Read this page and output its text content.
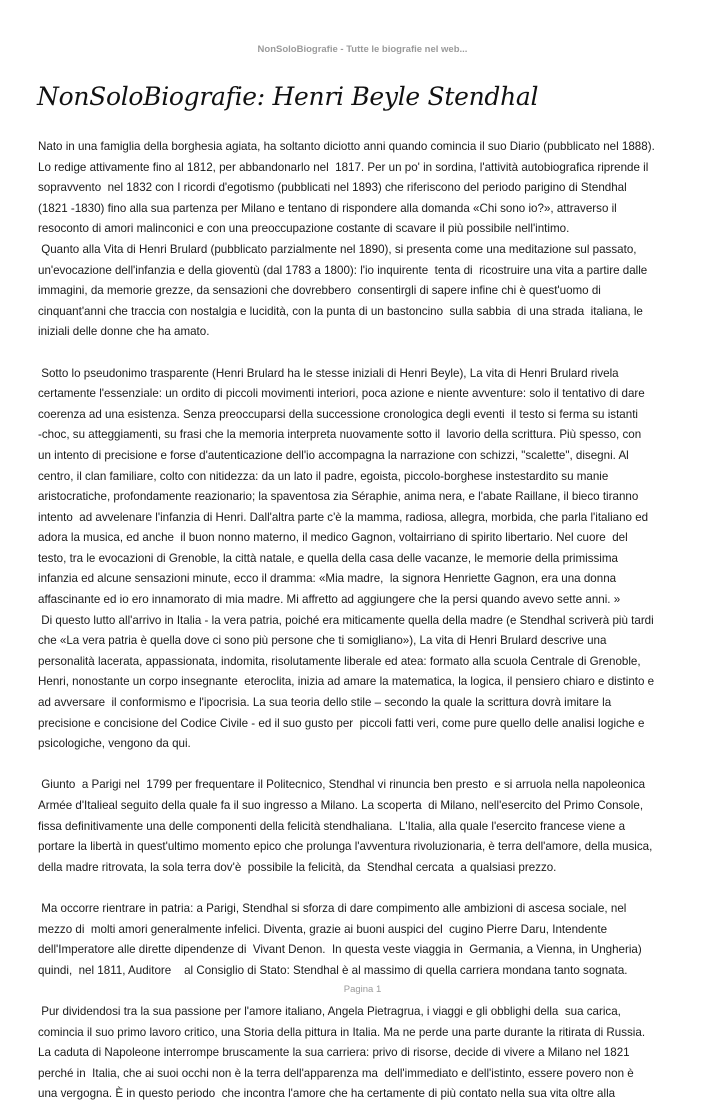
NonSoloBiografie - Tutte le biografie nel web...
NonSoloBiografie: Henri Beyle Stendhal
Nato in una famiglia della borghesia agiata, ha soltanto diciotto anni quando comincia il suo Diario (pubblicato nel 1888).
Lo redige attivamente fino al 1812, per abbandonarlo nel  1817. Per un po' in sordina, l'attività autobiografica riprende il
sopravvento  nel 1832 con I ricordi d'egotismo (pubblicati nel 1893) che riferiscono del periodo parigino di Stendhal
(1821 -1830) fino alla sua partenza per Milano e tentano di rispondere alla domanda «Chi sono io?», attraverso il
resoconto di amori malinconici e con una preoccupazione costante di scavare il più possibile nell'intimo.
Quanto alla Vita di Henri Brulard (pubblicato parzialmente nel 1890), si presenta come una meditazione sul passato,
un'evocazione dell'infanzia e della gioventù (dal 1783 a 1800): l'io inquirente  tenta di  ricostruire una vita a partire dalle
immagini, da memorie grezze, da sensazioni che dovrebbero  consentirgli di sapere infine chi è quest'uomo di
cinquant'anni che traccia con nostalgia e lucidità, con la punta di un bastoncino  sulla sabbia  di una strada  italiana, le
iniziali delle donne che ha amato.
Sotto lo pseudonimo trasparente (Henri Brulard ha le stesse iniziali di Henri Beyle), La vita di Henri Brulard rivela
certamente l'essenziale: un ordito di piccoli movimenti interiori, poca azione e niente avventure: solo il tentativo di dare
coerenza ad una esistenza. Senza preoccuparsi della successione cronologica degli eventi  il testo si ferma su istanti
-choc, su atteggiamenti, su frasi che la memoria interpreta nuovamente sotto il  lavorio della scrittura. Più spesso, con
un intento di precisione e forse d'autenticazione dell'io accompagna la narrazione con schizzi, "scalette", disegni. Al
centro, il clan familiare, colto con nitidezza: da un lato il padre, egoista, piccolo-borghese instestardito su manie
aristocratiche, profondamente reazionario; la spaventosa zia Séraphie, anima nera, e l'abate Raillane, il bieco tiranno
intento  ad avvelenare l'infanzia di Henri. Dall'altra parte c'è la mamma, radiosa, allegra, morbida, che parla l'italiano ed
adora la musica, ed anche  il buon nonno materno, il medico Gagnon, voltairriano di spirito libertario. Nel cuore  del
testo, tra le evocazioni di Grenoble, la città natale, e quella della casa delle vacanze, le memorie della primissima
infanzia ed alcune sensazioni minute, ecco il dramma: «Mia madre,  la signora Henriette Gagnon, era una donna
affascinante ed io ero innamorato di mia madre. Mi affretto ad aggiungere che la persi quando avevo sette anni. »
Di questo lutto all'arrivo in Italia - la vera patria, poiché era miticamente quella della madre (e Stendhal scriverà più tardi
che «La vera patria è quella dove ci sono più persone che ti somigliano»), La vita di Henri Brulard descrive una
personalità lacerata, appassionata, indomita, risolutamente liberale ed atea: formato alla scuola Centrale di Grenoble,
Henri, nonostante un corpo insegnante  eteroclita, inizia ad amare la matematica, la logica, il pensiero chiaro e distinto e
ad avversare  il conformismo e l'ipocrisia. La sua teoria dello stile – secondo la quale la scrittura dovrà imitare la
precisione e concisione del Codice Civile - ed il suo gusto per  piccoli fatti veri, come pure quello delle analisi logiche e
psicologiche, vengono da qui.
Giunto  a Parigi nel  1799 per frequentare il Politecnico, Stendhal vi rinuncia ben presto  e si arruola nella napoleonica
Armée d'Italieal seguito della quale fa il suo ingresso a Milano. La scoperta  di Milano, nell'esercito del Primo Console,
fissa definitivamente una delle componenti della felicità stendhaliana.  L'Italia, alla quale l'esercito francese viene a
portare la libertà in quest'ultimo momento epico che prolunga l'avventura rivoluzionaria, è terra dell'amore, della musica,
della madre ritrovata, la sola terra dov'è  possibile la felicità, da  Stendhal cercata  a qualsiasi prezzo.
Ma occorre rientrare in patria: a Parigi, Stendhal si sforza di dare compimento alle ambizioni di ascesa sociale, nel
mezzo di  molti amori generalmente infelici. Diventa, grazie ai buoni auspici del  cugino Pierre Daru, Intendente
dell'Imperatore alle dirette dipendenze di  Vivant Denon.  In questa veste viaggia in  Germania, a Vienna, in Ungheria)
quindi,  nel 1811, Auditore    al Consiglio di Stato: Stendhal è al massimo di quella carriera mondana tanto sognata.
Pur dividendosi tra la sua passione per l'amore italiano, Angela Pietragrua, i viaggi e gli obblighi della  sua carica,
comincia il suo primo lavoro critico, una Storia della pittura in Italia. Ma ne perde una parte durante la ritirata di Russia.
La caduta di Napoleone interrompe bruscamente la sua carriera: privo di risorse, decide di vivere a Milano nel 1821
perché in  Italia, che ai suoi occhi non è la terra dell'apparenza ma  dell'immediato e dell'istinto, essere povero non è
una vergogna. È in questo periodo  che incontra l'amore che ha certamente di più contato nella sua vita oltre alla
Pagina 1
